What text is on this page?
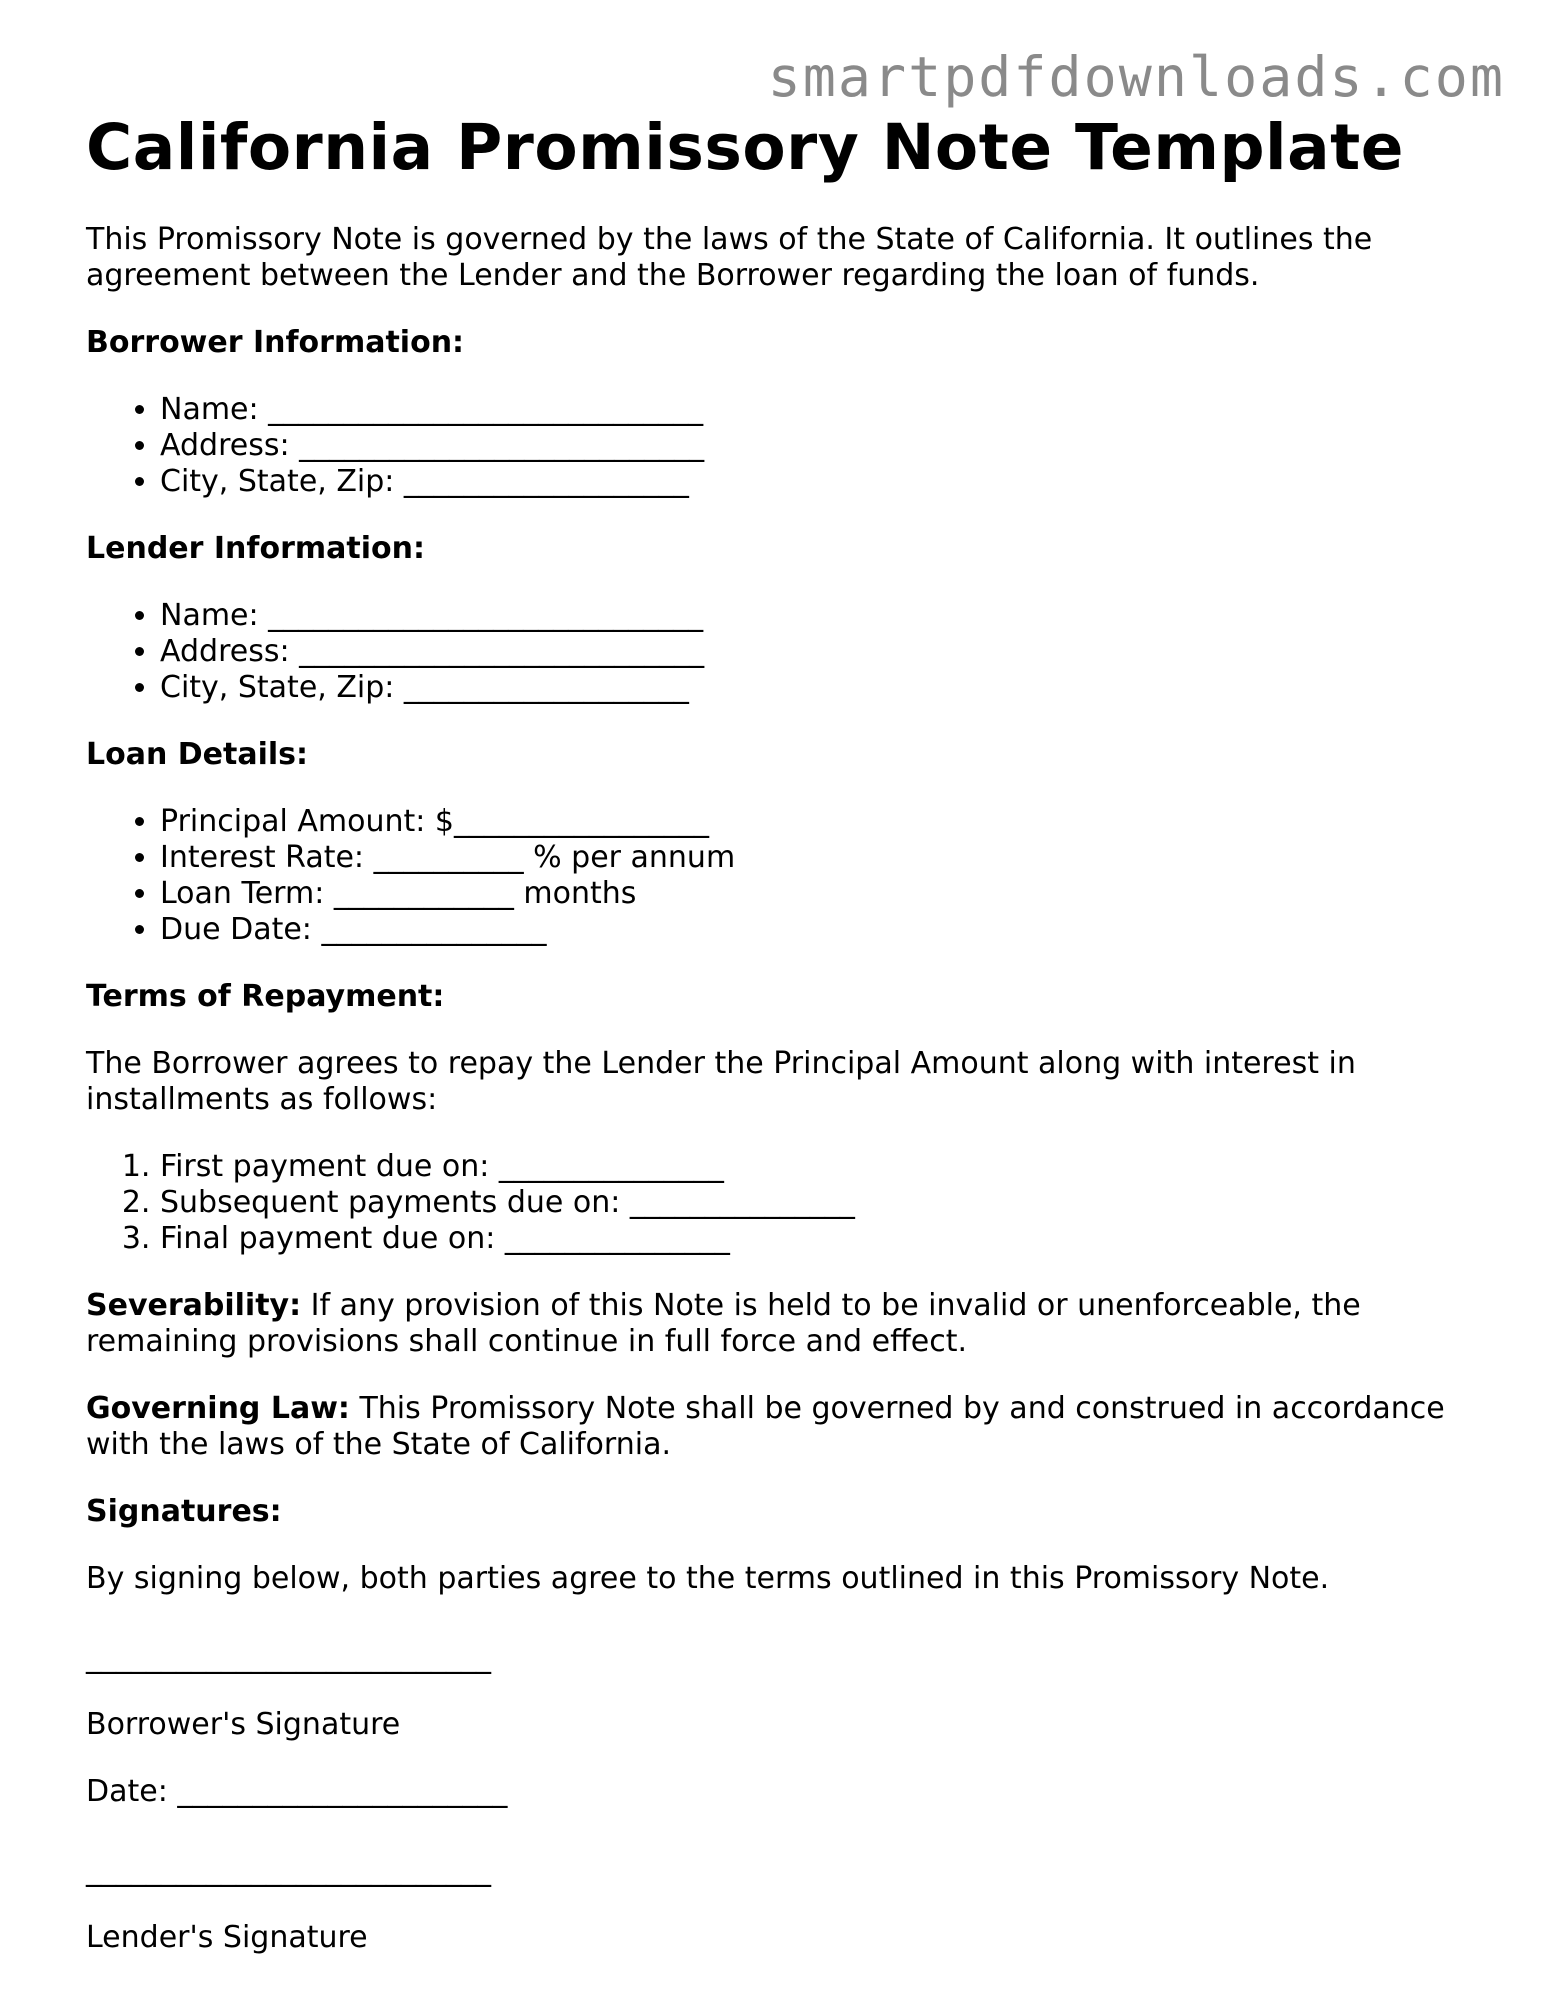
smartpdfdownloads.com
California Promissory Note Template

This Promissory Note is governed by the laws of the State of California. It outlines the agreement between the Lender and the Borrower regarding the loan of funds.

Borrower Information:

• Name: _____________________________
• Address: ___________________________
• City, State, Zip: ___________________

Lender Information:

• Name: _____________________________
• Address: ___________________________
• City, State, Zip: ___________________

Loan Details:

• Principal Amount: $_________________
• Interest Rate: __________ % per annum
• Loan Term: ____________ months
• Due Date: _______________

Terms of Repayment:

The Borrower agrees to repay the Lender the Principal Amount along with interest in installments as follows:

1. First payment due on: _______________
2. Subsequent payments due on: _______________
3. Final payment due on: _______________

Severability: If any provision of this Note is held to be invalid or unenforceable, the remaining provisions shall continue in full force and effect.

Governing Law: This Promissory Note shall be governed by and construed in accordance with the laws of the State of California.

Signatures:

By signing below, both parties agree to the terms outlined in this Promissory Note.

___________________________

Borrower's Signature

Date: ______________________

___________________________

Lender's Signature
